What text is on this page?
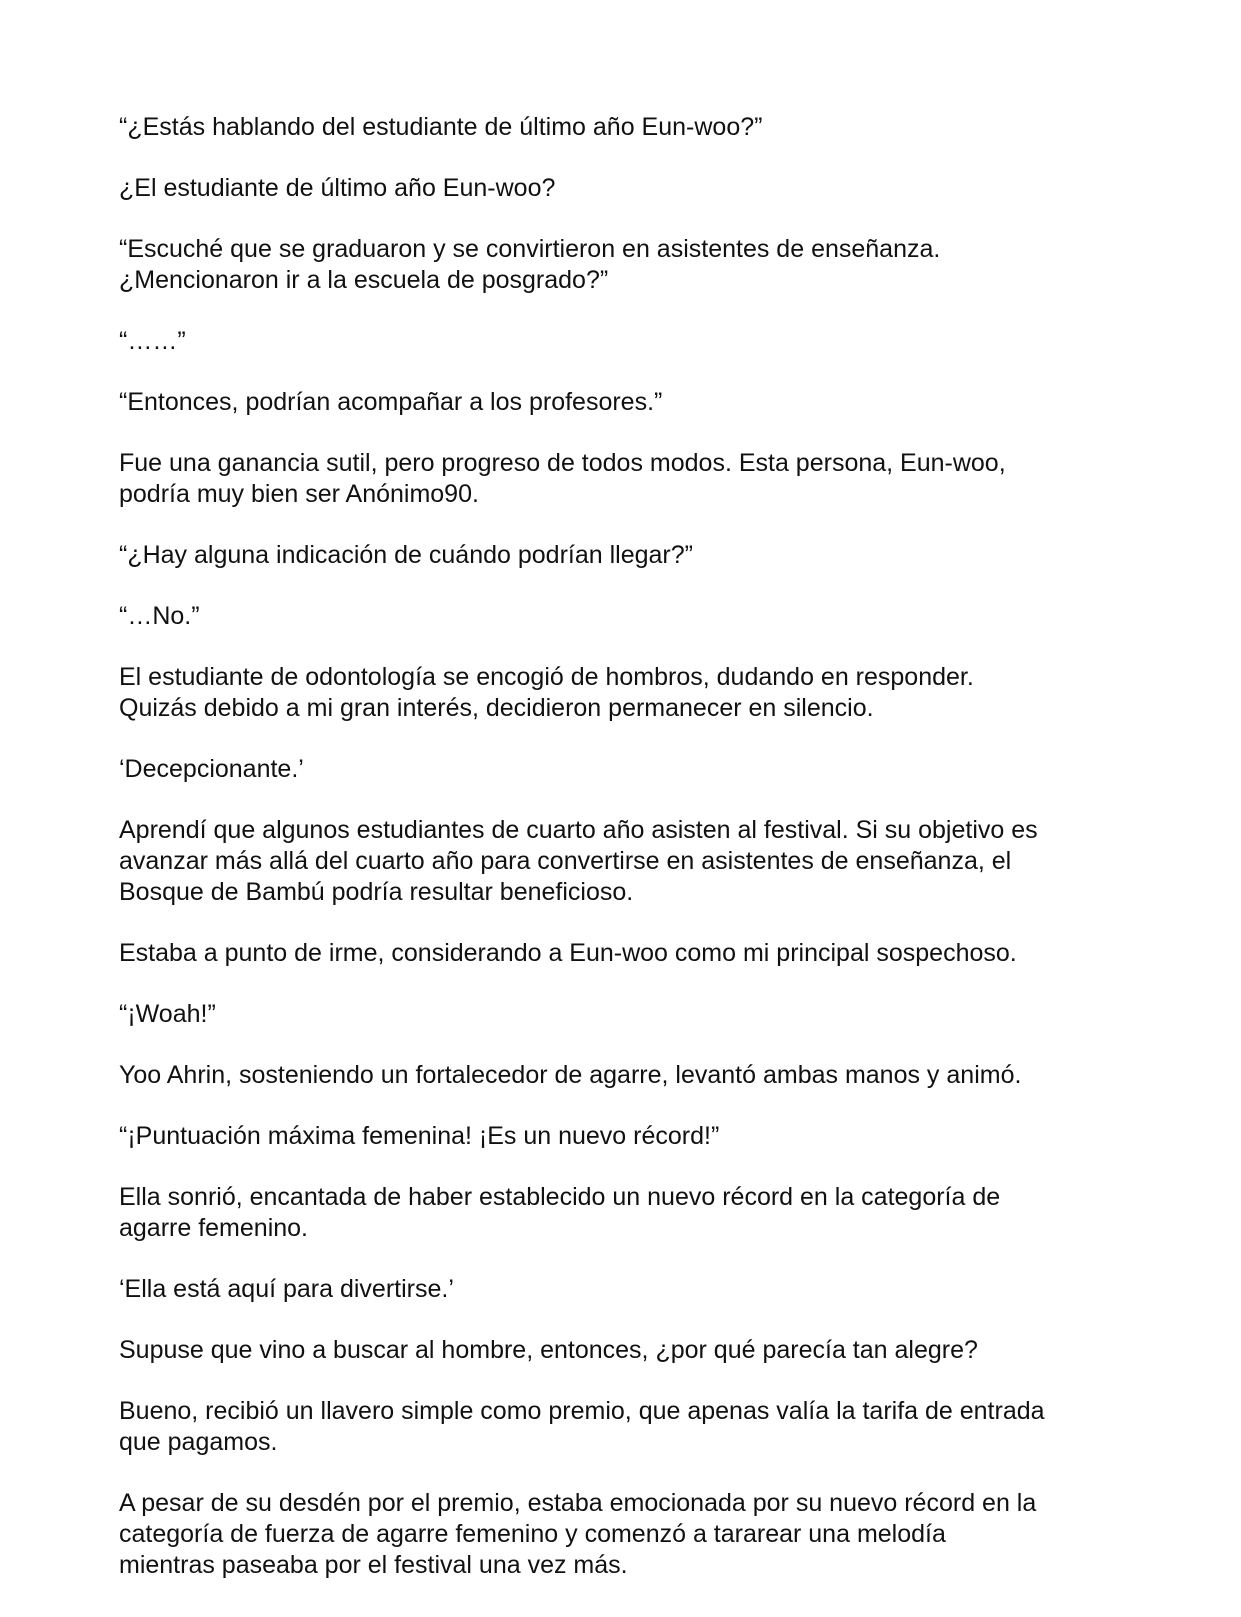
“¿Estás hablando del estudiante de último año Eun-woo?”

¿El estudiante de último año Eun-woo?

“Escuché que se graduaron y se convirtieron en asistentes de enseñanza.
¿Mencionaron ir a la escuela de posgrado?”

“……”

“Entonces, podrían acompañar a los profesores.”

Fue una ganancia sutil, pero progreso de todos modos. Esta persona, Eun-woo,
podría muy bien ser Anónimo90.

“¿Hay alguna indicación de cuándo podrían llegar?”

“…No.”

El estudiante de odontología se encogió de hombros, dudando en responder.
Quizás debido a mi gran interés, decidieron permanecer en silencio.

‘Decepcionante.’

Aprendí que algunos estudiantes de cuarto año asisten al festival. Si su objetivo es
avanzar más allá del cuarto año para convertirse en asistentes de enseñanza, el
Bosque de Bambú podría resultar beneficioso.

Estaba a punto de irme, considerando a Eun-woo como mi principal sospechoso.

“¡Woah!”

Yoo Ahrin, sosteniendo un fortalecedor de agarre, levantó ambas manos y animó.

“¡Puntuación máxima femenina! ¡Es un nuevo récord!”

Ella sonrió, encantada de haber establecido un nuevo récord en la categoría de
agarre femenino.

‘Ella está aquí para divertirse.’

Supuse que vino a buscar al hombre, entonces, ¿por qué parecía tan alegre?

Bueno, recibió un llavero simple como premio, que apenas valía la tarifa de entrada
que pagamos.

A pesar de su desdén por el premio, estaba emocionada por su nuevo récord en la
categoría de fuerza de agarre femenino y comenzó a tararear una melodía
mientras paseaba por el festival una vez más.
